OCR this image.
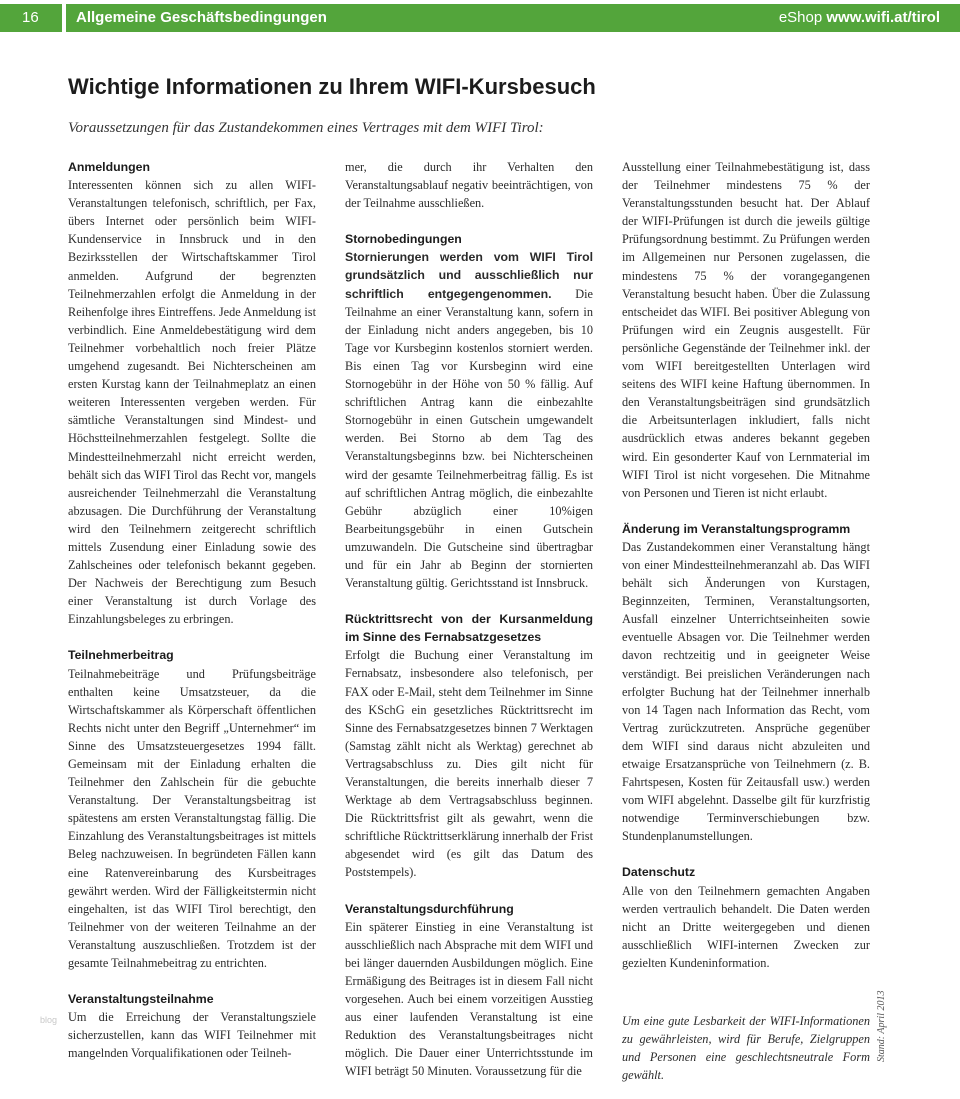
16	Allgemeine Geschäftsbedingungen	eShop www.wifi.at/tirol
Wichtige Informationen zu Ihrem WIFI-Kursbesuch

Voraussetzungen für das Zustandekommen eines Vertrages mit dem WIFI Tirol:

Anmeldungen

Interessenten können sich zu allen WIFI-Veranstaltungen telefonisch, schriftlich, per Fax, übers Internet oder persönlich beim WIFI-Kundenservice in Innsbruck und in den Bezirksstellen der Wirtschaftskammer Tirol anmelden. Aufgrund der begrenzten Teilnehmerzahlen erfolgt die Anmeldung in der Reihenfolge ihres Eintreffens. Jede Anmeldung ist verbindlich. Eine Anmeldebestätigung wird dem Teilnehmer vorbehaltlich noch freier Plätze umgehend zugesandt. Bei Nichterscheinen am ersten Kurstag kann der Teilnahmeplatz an einen weiteren Interessenten vergeben werden. Für sämtliche Veranstaltungen sind Mindest- und Höchstteilnehmerzahlen festgelegt. Sollte die Mindestteilnehmerzahl nicht erreicht werden, behält sich das WIFI Tirol das Recht vor, mangels ausreichender Teilnehmerzahl die Veranstaltung abzusagen. Die Durchführung der Veranstaltung wird den Teilnehmern zeitgerecht schriftlich mittels Zusendung einer Einladung sowie des Zahlscheines oder telefonisch bekannt gegeben. Der Nachweis der Berechtigung zum Besuch einer Veranstaltung ist durch Vorlage des Einzahlungsbeleges zu erbringen.

Teilnehmerbeitrag

Teilnahmebeiträge und Prüfungsbeiträge enthalten keine Umsatzsteuer, da die Wirtschaftskammer als Körperschaft öffentlichen Rechts nicht unter den Begriff „Unternehmer“ im Sinne des Umsatzsteuergesetzes 1994 fällt. Gemeinsam mit der Einladung erhalten die Teilnehmer den Zahlschein für die gebuchte Veranstaltung. Der Veranstaltungsbeitrag ist spätestens am ersten Veranstaltungstag fällig. Die Einzahlung des Veranstaltungsbeitrages ist mittels Beleg nachzuweisen. In begründeten Fällen kann eine Ratenvereinbarung des Kursbeitrages gewährt werden. Wird der Fälligkeitstermin nicht eingehalten, ist das WIFI Tirol berechtigt, den Teilnehmer von der weiteren Teilnahme an der Veranstaltung auszuschließen. Trotzdem ist der gesamte Teilnahmebeitrag zu entrichten.

Veranstaltungsteilnahme

Um die Erreichung der Veranstaltungsziele sicherzustellen, kann das WIFI Teilnehmer mit mangelnden Vorqualifikationen oder Teilneh-

mer, die durch ihr Verhalten den Veranstaltungsablauf negativ beeinträchtigen, von der Teilnahme ausschließen.

Stornobedingungen

Stornierungen werden vom WIFI Tirol grundsätzlich und ausschließlich nur schriftlich entgegengenommen. Die Teilnahme an einer Veranstaltung kann, sofern in der Einladung nicht anders angegeben, bis 10 Tage vor Kursbeginn kostenlos storniert werden. Bis einen Tag vor Kursbeginn wird eine Stornogebühr in der Höhe von 50 % fällig. Auf schriftlichen Antrag kann die einbezahlte Stornogebühr in einen Gutschein umgewandelt werden. Bei Storno ab dem Tag des Veranstaltungsbeginns bzw. bei Nichterscheinen wird der gesamte Teilnehmerbeitrag fällig. Es ist auf schriftlichen Antrag möglich, die einbezahlte Gebühr abzüglich einer 10%igen Bearbeitungsgebühr in einen Gutschein umzuwandeln. Die Gutscheine sind übertragbar und für ein Jahr ab Beginn der stornierten Veranstaltung gültig. Gerichtsstand ist Innsbruck.

Rücktrittsrecht von der Kursanmeldung im Sinne des Fernabsatzgesetzes

Erfolgt die Buchung einer Veranstaltung im Fernabsatz, insbesondere also telefonisch, per FAX oder E-Mail, steht dem Teilnehmer im Sinne des KSchG ein gesetzliches Rücktrittsrecht im Sinne des Fernabsatzgesetzes binnen 7 Werktagen (Samstag zählt nicht als Werktag) gerechnet ab Vertragsabschluss zu. Dies gilt nicht für Veranstaltungen, die bereits innerhalb dieser 7 Werktage ab dem Vertragsabschluss beginnen. Die Rücktrittsfrist gilt als gewahrt, wenn die schriftliche Rücktrittserklärung innerhalb der Frist abgesendet wird (es gilt das Datum des Poststempels).

Veranstaltungsdurchführung

Ein späterer Einstieg in eine Veranstaltung ist ausschließlich nach Absprache mit dem WIFI und bei länger dauernden Ausbildungen möglich. Eine Ermäßigung des Beitrages ist in diesem Fall nicht vorgesehen. Auch bei einem vorzeitigen Ausstieg aus einer laufenden Veranstaltung ist eine Reduktion des Veranstaltungsbeitrages nicht möglich. Die Dauer einer Unterrichtsstunde im WIFI beträgt 50 Minuten. Voraussetzung für die

Ausstellung einer Teilnahmebestätigung ist, dass der Teilnehmer mindestens 75 % der Veranstaltungsstunden besucht hat. Der Ablauf der WIFI-Prüfungen ist durch die jeweils gültige Prüfungsordnung bestimmt. Zu Prüfungen werden im Allgemeinen nur Personen zugelassen, die mindestens 75 % der vorangegangenen Veranstaltung besucht haben. Über die Zulassung entscheidet das WIFI. Bei positiver Ablegung von Prüfungen wird ein Zeugnis ausgestellt. Für persönliche Gegenstände der Teilnehmer inkl. der vom WIFI bereitgestellten Unterlagen wird seitens des WIFI keine Haftung übernommen. In den Veranstaltungsbeiträgen sind grundsätzlich die Arbeitsunterlagen inkludiert, falls nicht ausdrücklich etwas anderes bekannt gegeben wird. Ein gesonderter Kauf von Lernmaterial im WIFI Tirol ist nicht vorgesehen. Die Mitnahme von Personen und Tieren ist nicht erlaubt.

Änderung im Veranstaltungsprogramm

Das Zustandekommen einer Veranstaltung hängt von einer Mindestteilnehmeranzahl ab. Das WIFI behält sich Änderungen von Kurstagen, Beginnzeiten, Terminen, Veranstaltungsorten, Ausfall einzelner Unterrichtseinheiten sowie eventuelle Absagen vor. Die Teilnehmer werden davon rechtzeitig und in geeigneter Weise verständigt. Bei preislichen Veränderungen nach erfolgter Buchung hat der Teilnehmer innerhalb von 14 Tagen nach Information das Recht, vom Vertrag zurückzutreten. Ansprüche gegenüber dem WIFI sind daraus nicht abzuleiten und etwaige Ersatzansprüche von Teilnehmern (z. B. Fahrtspesen, Kosten für Zeitausfall usw.) werden vom WIFI abgelehnt. Dasselbe gilt für kurzfristig notwendige Terminverschiebungen bzw. Stundenplanumstellungen.

Datenschutz

Alle von den Teilnehmern gemachten Angaben werden vertraulich behandelt. Die Daten werden nicht an Dritte weitergegeben und dienen ausschließlich WIFI-internen Zwecken zur gezielten Kundeninformation.

Um eine gute Lesbarkeit der WIFI-Informationen zu gewährleisten, wird für Berufe, Zielgruppen und Personen eine geschlechtsneutrale Form gewählt.

Stand: April 2013
blog
